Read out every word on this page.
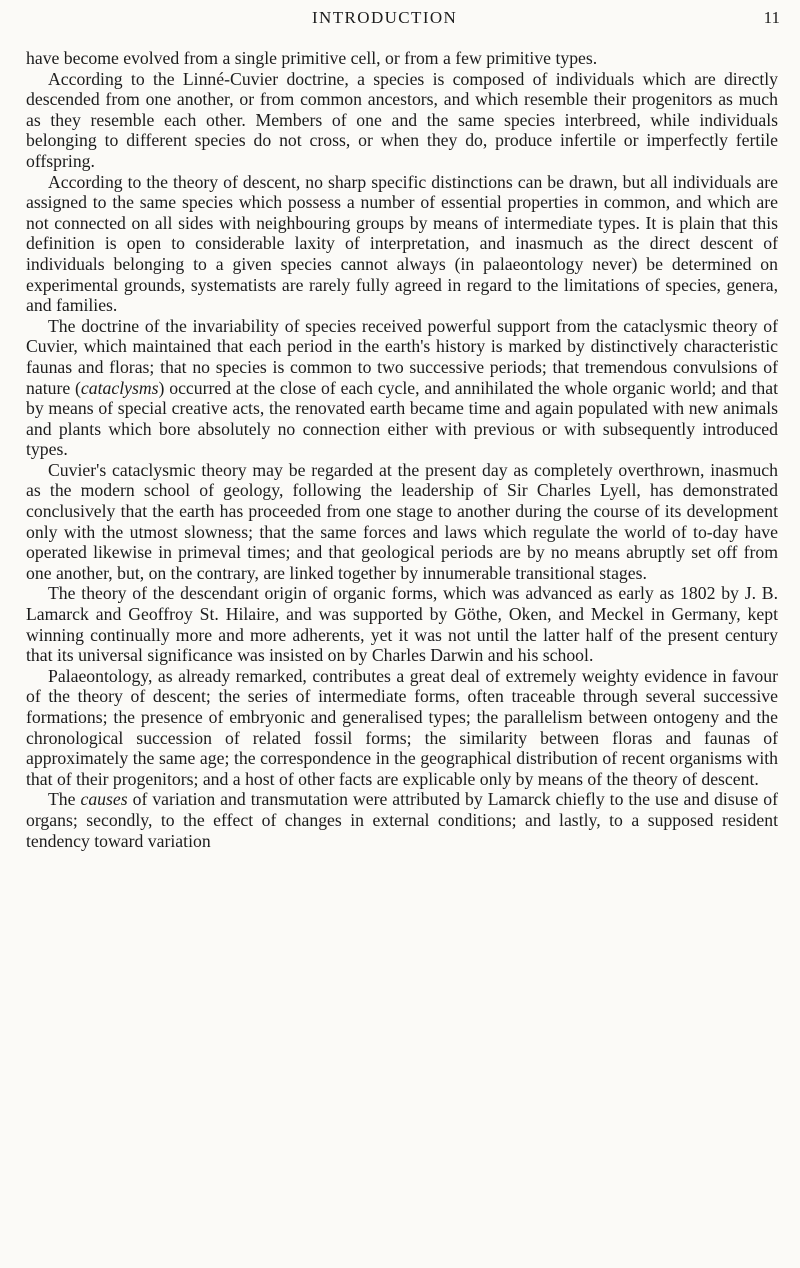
INTRODUCTION	11

have become evolved from a single primitive cell, or from a few primitive types.

According to the Linné-Cuvier doctrine, a species is composed of individuals which are directly descended from one another, or from common ancestors, and which resemble their progenitors as much as they resemble each other. Members of one and the same species interbreed, while individuals belonging to different species do not cross, or when they do, produce infertile or imperfectly fertile offspring.

According to the theory of descent, no sharp specific distinctions can be drawn, but all individuals are assigned to the same species which possess a number of essential properties in common, and which are not connected on all sides with neighbouring groups by means of intermediate types. It is plain that this definition is open to considerable laxity of interpretation, and inasmuch as the direct descent of individuals belonging to a given species cannot always (in palaeontology never) be determined on experimental grounds, systematists are rarely fully agreed in regard to the limitations of species, genera, and families.

The doctrine of the invariability of species received powerful support from the cataclysmic theory of Cuvier, which maintained that each period in the earth's history is marked by distinctively characteristic faunas and floras; that no species is common to two successive periods; that tremendous convulsions of nature (cataclysms) occurred at the close of each cycle, and annihilated the whole organic world; and that by means of special creative acts, the renovated earth became time and again populated with new animals and plants which bore absolutely no connection either with previous or with subsequently introduced types.

Cuvier's cataclysmic theory may be regarded at the present day as completely overthrown, inasmuch as the modern school of geology, following the leadership of Sir Charles Lyell, has demonstrated conclusively that the earth has proceeded from one stage to another during the course of its development only with the utmost slowness; that the same forces and laws which regulate the world of to-day have operated likewise in primeval times; and that geological periods are by no means abruptly set off from one another, but, on the contrary, are linked together by innumerable transitional stages.

The theory of the descendant origin of organic forms, which was advanced as early as 1802 by J. B. Lamarck and Geoffroy St. Hilaire, and was supported by Göthe, Oken, and Meckel in Germany, kept winning continually more and more adherents, yet it was not until the latter half of the present century that its universal significance was insisted on by Charles Darwin and his school.

Palaeontology, as already remarked, contributes a great deal of extremely weighty evidence in favour of the theory of descent; the series of intermediate forms, often traceable through several successive formations; the presence of embryonic and generalised types; the parallelism between ontogeny and the chronological succession of related fossil forms; the similarity between floras and faunas of approximately the same age; the correspondence in the geographical distribution of recent organisms with that of their progenitors; and a host of other facts are explicable only by means of the theory of descent.

The causes of variation and transmutation were attributed by Lamarck chiefly to the use and disuse of organs; secondly, to the effect of changes in external conditions; and lastly, to a supposed resident tendency toward variation
